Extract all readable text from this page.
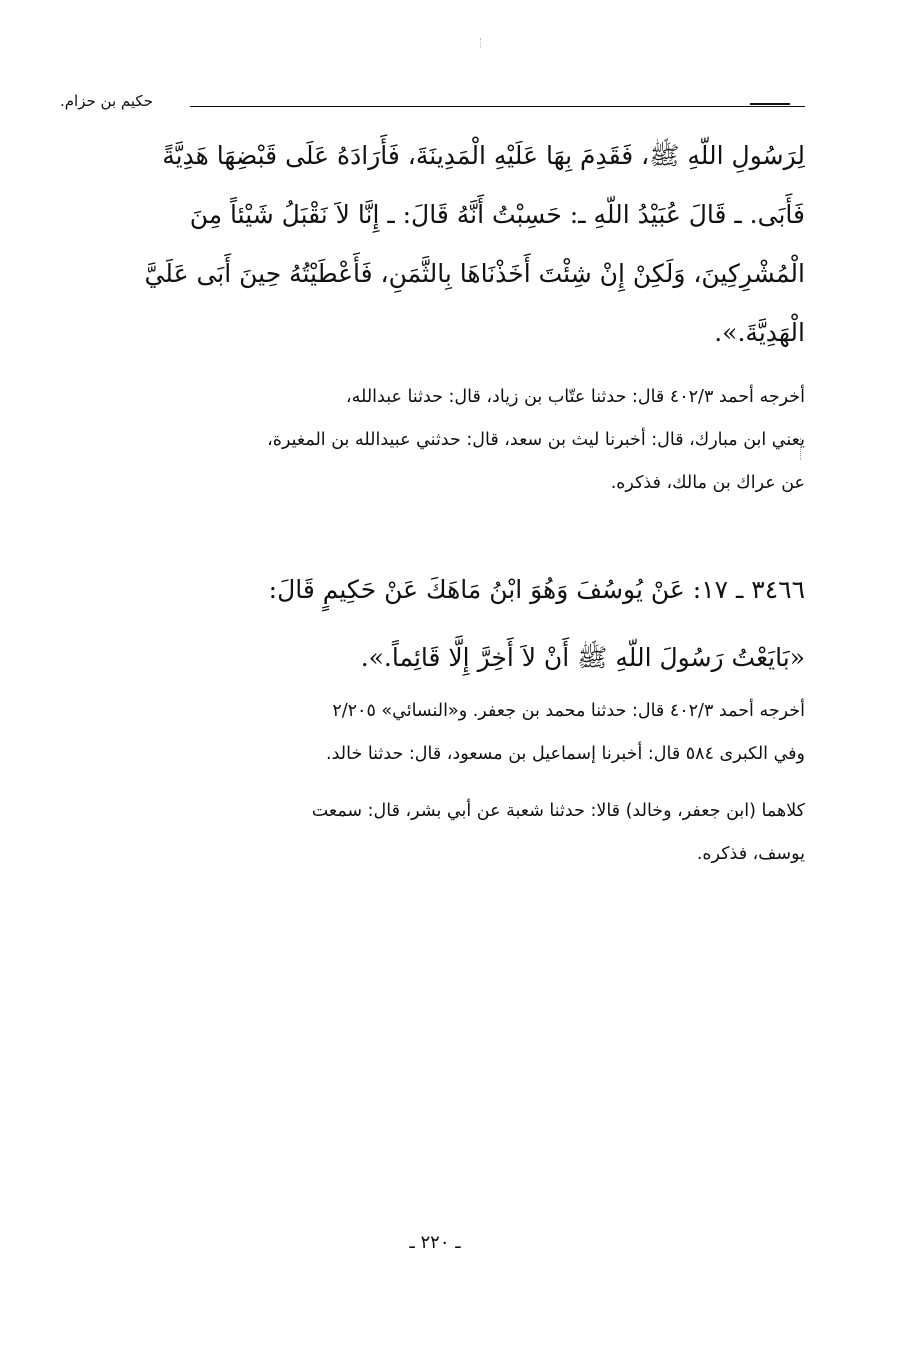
حكيم بن حزام.
لِرَسُولِ اللّهِ ﷺ، فَقَدِمَ بِهَا عَلَيْهِ الْمَدِينَةَ، فَأَرَادَهُ عَلَى قَبْضِهَا هَدِيَّةً
فَأَبَى. ـ قَالَ عُبَيْدُ اللّهِ ـ: حَسِبْتُ أَنَّهُ قَالَ: ـ إِنَّا لاَ نَقْبَلُ شَيْئاً مِنَ
الْمُشْرِكِينَ، وَلَكِنْ إِنْ شِئْتَ أَخَذْنَاهَا بِالثَّمَنِ، فَأَعْطَيْتُهُ حِينَ أَبَى عَلَيَّ
الْهَدِيَّةَ.».
أخرجه أحمد ٤٠٢/٣ قال: حدثنا عتّاب بن زياد، قال: حدثنا عبدالله،
يعني ابن مبارك، قال: أخبرنا ليث بن سعد، قال: حدثني عبيدالله بن المغيرة،
عن عراك بن مالك، فذكره.
٣٤٦٦ ـ ١٧: عَنْ يُوسُفَ وَهُوَ ابْنُ مَاهَكَ عَنْ حَكِيمٍ قَالَ:
«بَايَعْتُ رَسُولَ اللّهِ ﷺ أَنْ لاَ أَخِرَّ إِلَّا قَائِماً.».
أخرجه أحمد ٤٠٢/٣ قال: حدثنا محمد بن جعفر. و«النسائي» ٢/٢٠٥
وفي الكبرى ٥٨٤ قال: أخبرنا إسماعيل بن مسعود، قال: حدثنا خالد.
كلاهما (ابن جعفر، وخالد) قالا: حدثنا شعبة عن أبي بشر، قال: سمعت
يوسف، فذكره.
ـ ٢٢٠ ـ
